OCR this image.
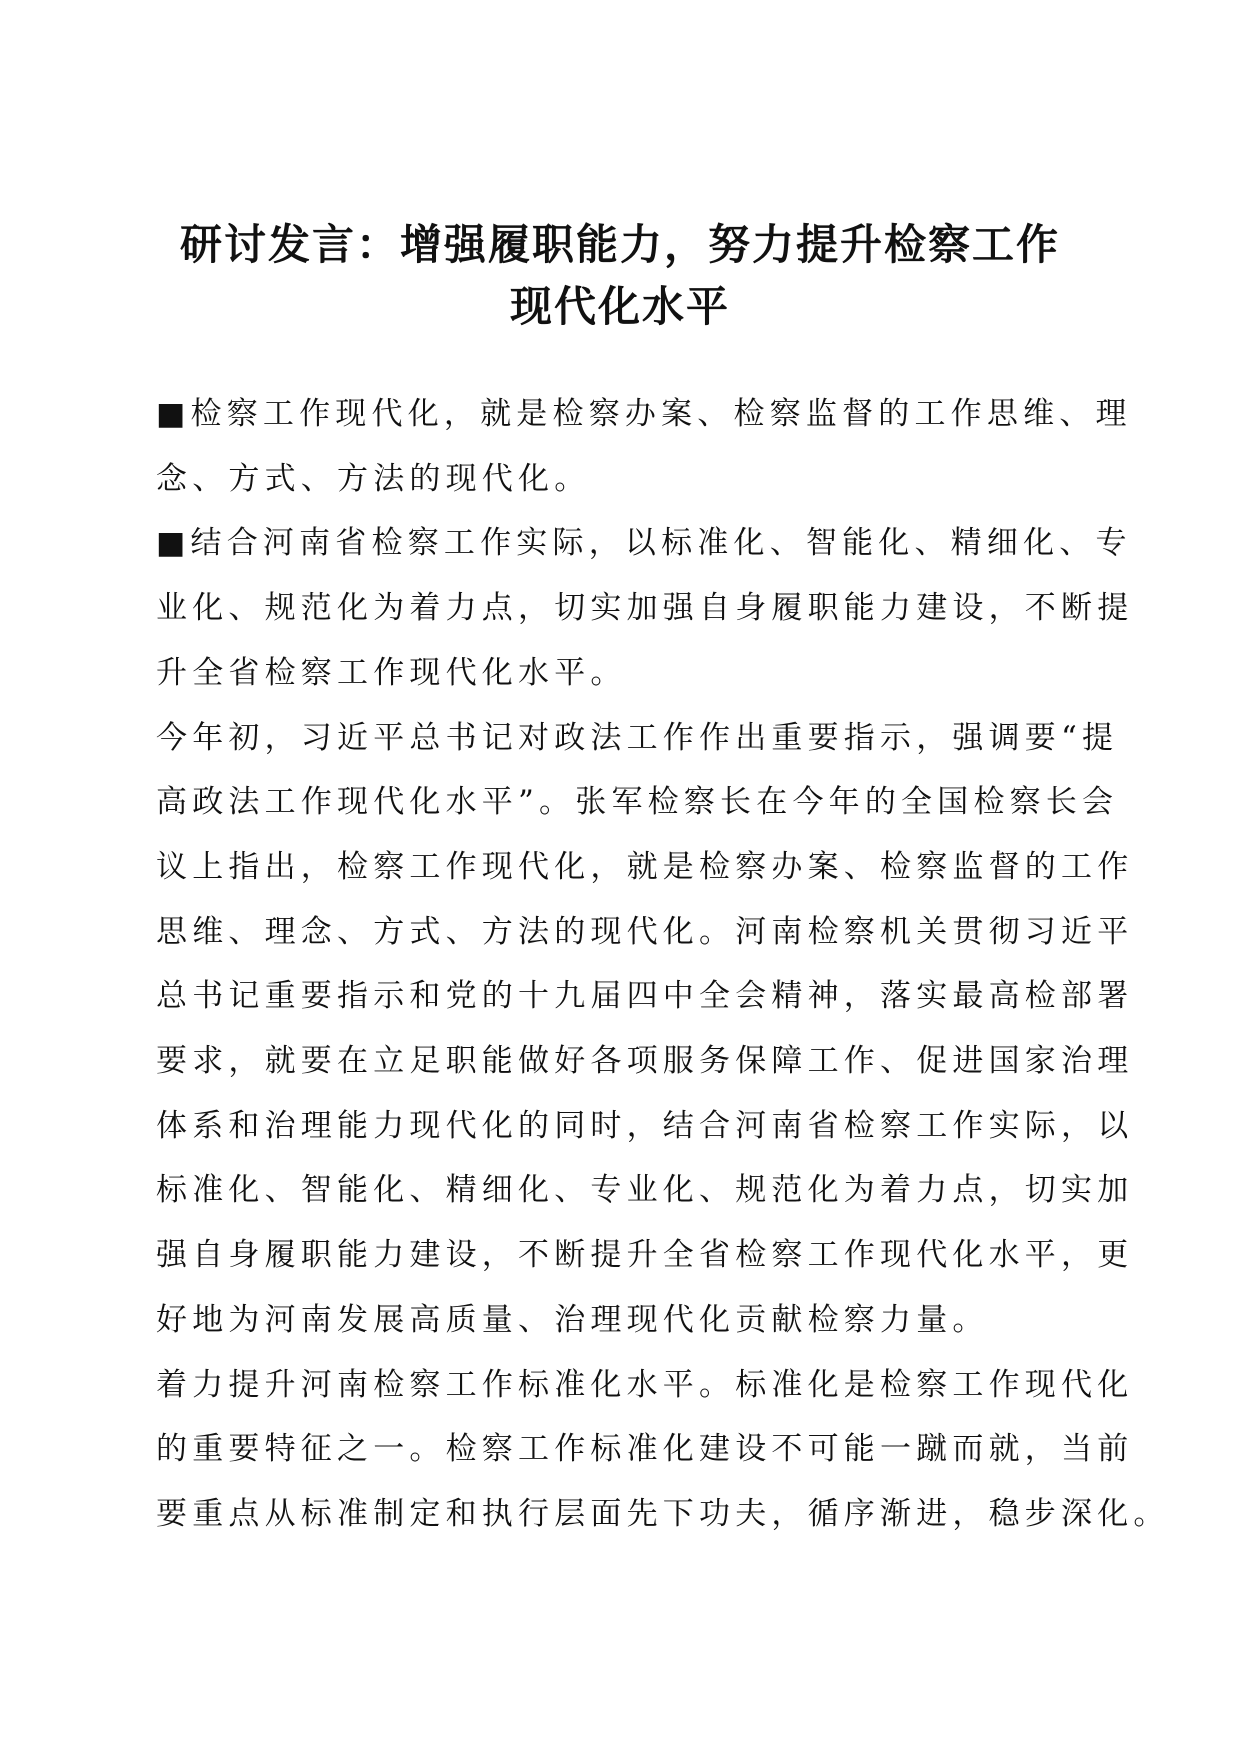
研讨发言：增强履职能力，努力提升检察工作
现代化水平

■检察工作现代化，就是检察办案、检察监督的工作思维、理
念、方式、方法的现代化。

■结合河南省检察工作实际，以标准化、智能化、精细化、专
业化、规范化为着力点，切实加强自身履职能力建设，不断提
升全省检察工作现代化水平。

今年初，习近平总书记对政法工作作出重要指示，强调要“提
高政法工作现代化水平”。张军检察长在今年的全国检察长会
议上指出，检察工作现代化，就是检察办案、检察监督的工作
思维、理念、方式、方法的现代化。河南检察机关贯彻习近平
总书记重要指示和党的十九届四中全会精神，落实最高检部署
要求，就要在立足职能做好各项服务保障工作、促进国家治理
体系和治理能力现代化的同时，结合河南省检察工作实际，以
标准化、智能化、精细化、专业化、规范化为着力点，切实加
强自身履职能力建设，不断提升全省检察工作现代化水平，更
好地为河南发展高质量、治理现代化贡献检察力量。

着力提升河南检察工作标准化水平。标准化是检察工作现代化
的重要特征之一。检察工作标准化建设不可能一蹴而就，当前
要重点从标准制定和执行层面先下功夫，循序渐进，稳步深化。
